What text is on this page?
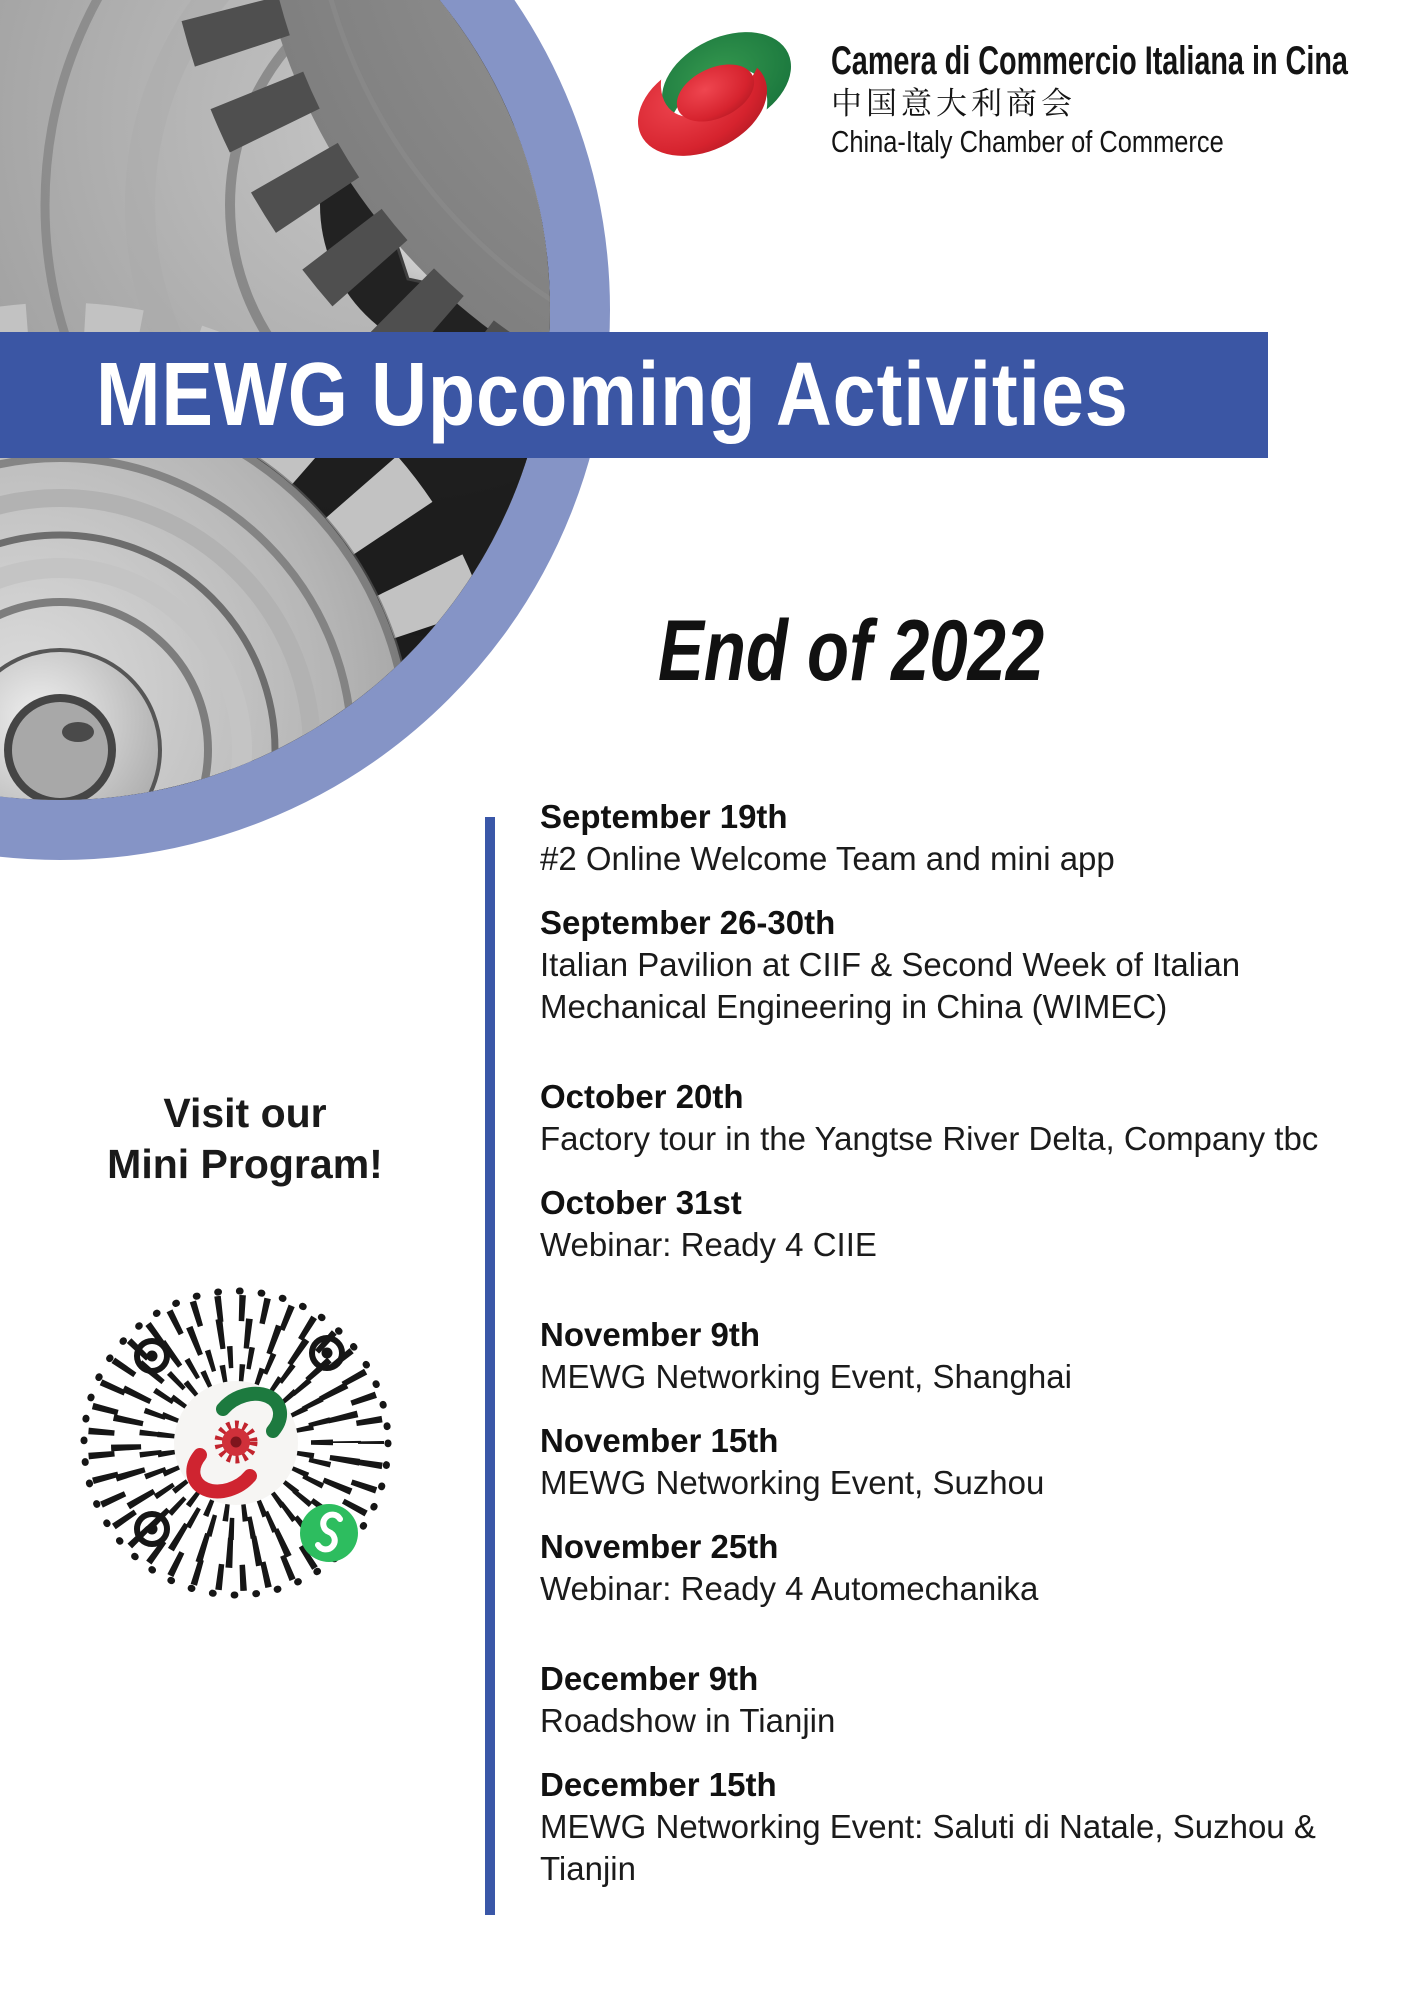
MEWG Upcoming Activities
Camera di Commercio Italiana in Cina
中国意大利商会
China-Italy Chamber of Commerce
End of 2022
September 19th
#2 Online Welcome Team and mini app
September 26-30th
Italian Pavilion at CIIF & Second Week of Italian Mechanical Engineering in China (WIMEC)
October 20th
Factory tour in the Yangtse River Delta, Company tbc
October 31st
Webinar: Ready 4 CIIE
November 9th
MEWG Networking Event, Shanghai
November 15th
MEWG Networking Event, Suzhou
November 25th
Webinar: Ready 4 Automechanika
December 9th
Roadshow in Tianjin
December 15th
MEWG Networking Event: Saluti di Natale, Suzhou & Tianjin
Visit our
Mini Program!
